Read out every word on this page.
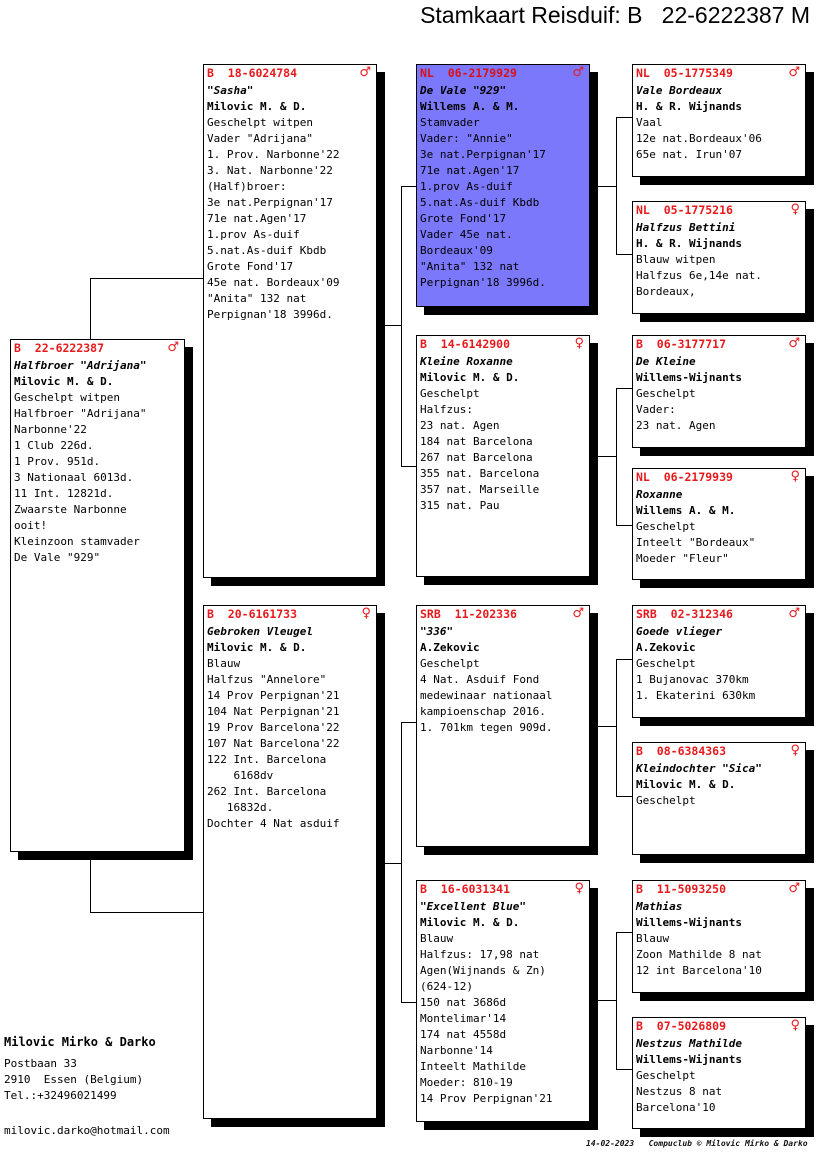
Stamkaart Reisduif: B   22-6222387 M
B 22-6222387	♂
Halfbroer "Adrijana"
Milovic M. & D.
Geschelpt witpen
Halfbroer "Adrijana"
Narbonne'22
1 Club 226d.
1 Prov. 951d.
3 Nationaal 6013d.
11 Int. 12821d.
Zwaarste Narbonne
ooit!
Kleinzoon stamvader
De Vale "929"
B 18-6024784	♂
"Sasha"
Milovic M. & D.
Geschelpt witpen
Vader "Adrijana"
1. Prov. Narbonne'22
3. Nat. Narbonne'22
(Half)broer:
3e nat.Perpignan'17
71e nat.Agen'17
1.prov As-duif
5.nat.As-duif Kbdb
Grote Fond'17
45e nat. Bordeaux'09
"Anita" 132 nat
Perpignan'18 3996d.
B 20-6161733	♀
Gebroken Vleugel
Milovic M. & D.
Blauw
Halfzus "Annelore"
14 Prov Perpignan'21
104 Nat Perpignan'21
19 Prov Barcelona'22
107 Nat Barcelona'22
122 Int. Barcelona
6168dv
262 Int. Barcelona
16832d.
Dochter 4 Nat asduif
NL 06-2179929	♂
De Vale "929"
Willems A. & M.
Stamvader
Vader: "Annie"
3e nat.Perpignan'17
71e nat.Agen'17
1.prov As-duif
5.nat.As-duif Kbdb
Grote Fond'17
Vader 45e nat.
Bordeaux'09
"Anita" 132 nat
Perpignan'18 3996d.
B 14-6142900	♀
Kleine Roxanne
Milovic M. & D.
Geschelpt
Halfzus:
23 nat. Agen
184 nat Barcelona
267 nat Barcelona
355 nat. Barcelona
357 nat. Marseille
315 nat. Pau
SRB 11-202336	♂
"336"
A.Zekovic
Geschelpt
4 Nat. Asduif Fond
medewinaar nationaal
kampioenschap 2016.
1. 701km tegen 909d.
B 16-6031341	♀
"Excellent Blue"
Milovic M. & D.
Blauw
Halfzus: 17,98 nat
Agen(Wijnands & Zn)
(624-12)
150 nat 3686d
Montelimar'14
174 nat 4558d
Narbonne'14
Inteelt Mathilde
Moeder: 810-19
14 Prov Perpignan'21
NL 05-1775349	♂
Vale Bordeaux
H. & R. Wijnands
Vaal
12e nat.Bordeaux'06
65e nat. Irun'07
NL 05-1775216	♀
Halfzus Bettini
H. & R. Wijnands
Blauw witpen
Halfzus 6e,14e nat.
Bordeaux,
B 06-3177717	♂
De Kleine
Willems-Wijnants
Geschelpt
Vader:
23 nat. Agen
NL 06-2179939	♀
Roxanne
Willems A. & M.
Geschelpt
Inteelt "Bordeaux"
Moeder "Fleur"
SRB 02-312346	♂
Goede vlieger
A.Zekovic
Geschelpt
1 Bujanovac 370km
1. Ekaterini 630km
B 08-6384363	♀
Kleindochter "Sica"
Milovic M. & D.
Geschelpt
B 11-5093250	♂
Mathias
Willems-Wijnants
Blauw
Zoon Mathilde 8 nat
12 int Barcelona'10
B 07-5026809	♀
Nestzus Mathilde
Willems-Wijnants
Geschelpt
Nestzus 8 nat
Barcelona'10
Milovic Mirko & Darko
Postbaan 33
2910  Essen (Belgium)
Tel.:+32496021499
milovic.darko@hotmail.com
14-02-2023   Compuclub © Milovic Mirko & Darko
